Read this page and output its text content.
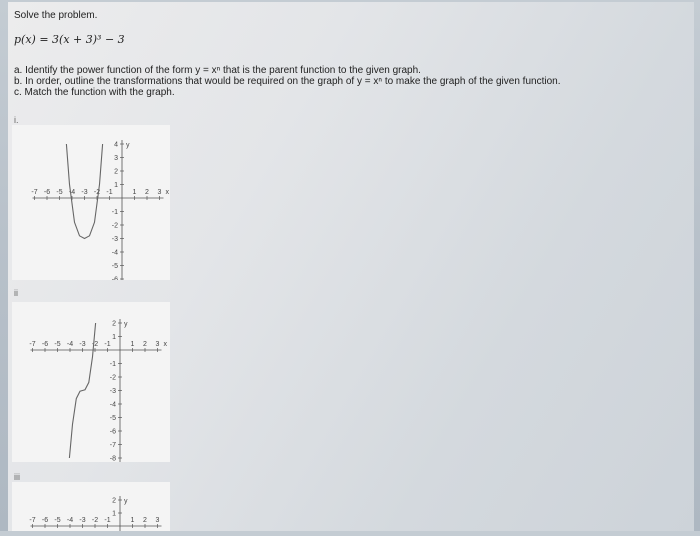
Solve the problem.
p(x) = 3(x + 3)³ − 3
a. Identify the power function of the form y = xⁿ that is the parent function to the given graph.
b. In order, outline the transformations that would be required on the graph of y = xⁿ to make the graph of the given function.
c. Match the function with the graph.
i.
ii
iii
-7 -6 -5 -4 -3 -2 -1	1 2 3
-6
-5
-4
-3
-2
-1
1
2
3
4
x
y
-7 -6 -5 -4 -3 -2 -1	1 2 3
-8
-7
-6
-5
-4
-3
-2
-1
1
2
x
y
-7 -6 -5 -4 -3 -2 -1	1 2 3
1
2 y
